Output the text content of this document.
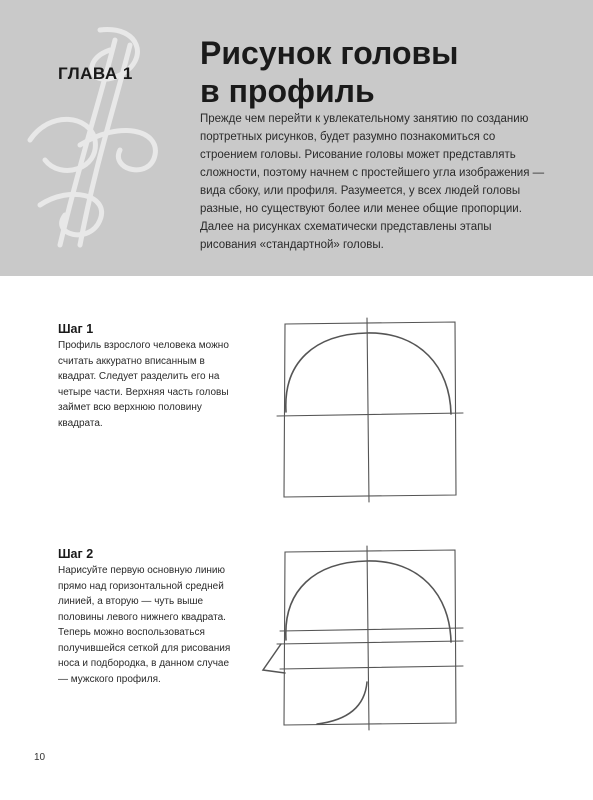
ГЛАВА 1
Рисунок головы
в профиль

Прежде чем перейти к увлекательному занятию по созданию портретных рисунков, будет разумно познакомиться со строением головы. Рисование головы может представлять сложности, поэтому начнем с простейшего угла изображения — вида сбоку, или профиля. Разумеется, у всех людей головы разные, но существуют более или менее общие пропорции. Далее на рисунках схематически представлены этапы рисования «стандартной» головы.

Шаг 1

Профиль взрослого человека можно считать аккуратно вписанным в квадрат. Следует разделить его на четыре части. Верхняя часть головы займет всю верхнюю половину квадрата.

Шаг 2

Нарисуйте первую основную линию прямо над горизонтальной средней линией, а вторую — чуть выше половины левого нижнего квадрата. Теперь можно воспользоваться получившейся сеткой для рисования носа и подбородка, в данном случае — мужского профиля.

10
